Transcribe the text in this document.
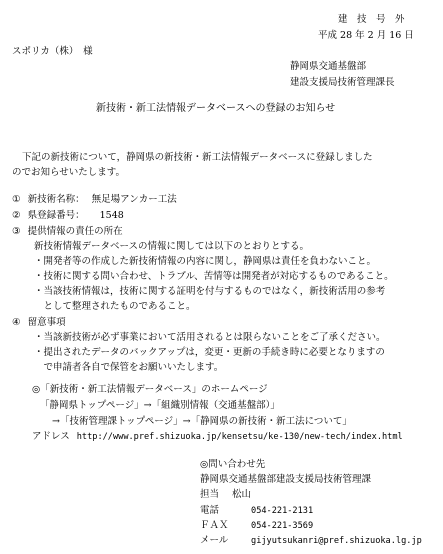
建　技　号　外
平成 28 年 2 月 16 日
スポリカ（株）　様
静岡県交通基盤部
建設支援局技術管理課長
新技術・新工法情報データベースへの登録のお知らせ
下記の新技術について，静岡県の新技術・新工法情報データベースに登録しました
のでお知らせいたします。
① 新技術名称： 無足場アンカー工法
② 県登録番号： 1548
③ 提供情報の責任の所在
新技術情報データベースの情報に関しては以下のとおりとする。
・開発者等の作成した新技術情報の内容に関し，静岡県は責任を負わないこと。
・技術に関する問い合わせ、トラブル、苦情等は開発者が対応するものであること。
・当該技術情報は，技術に関する証明を付与するものではなく，新技術活用の参考
　として整理されたものであること。
④ 留意事項
・当該新技術が必ず事業において活用されるとは限らないことをご了承ください。
・提出されたデータのバックアップは，変更・更新の手続き時に必要となりますの
　で申請者各自で保管をお願いいたします。
◎「新技術・新工法情報データベース」のホームページ
「静岡県トップページ」→「組織別情報（交通基盤部）」
→「技術管理課トップページ」→「静岡県の新技術・新工法について」
アドレス http://www.pref.shizuoka.jp/kensetsu/ke-130/new-tech/index.html
◎問い合わせ先
静岡県交通基盤部建設支援局技術管理課
担当 松山
電話	054-221-2131
ＦＡＸ	054-221-3569
メール	gijyutsukanri@pref.shizuoka.lg.jp
